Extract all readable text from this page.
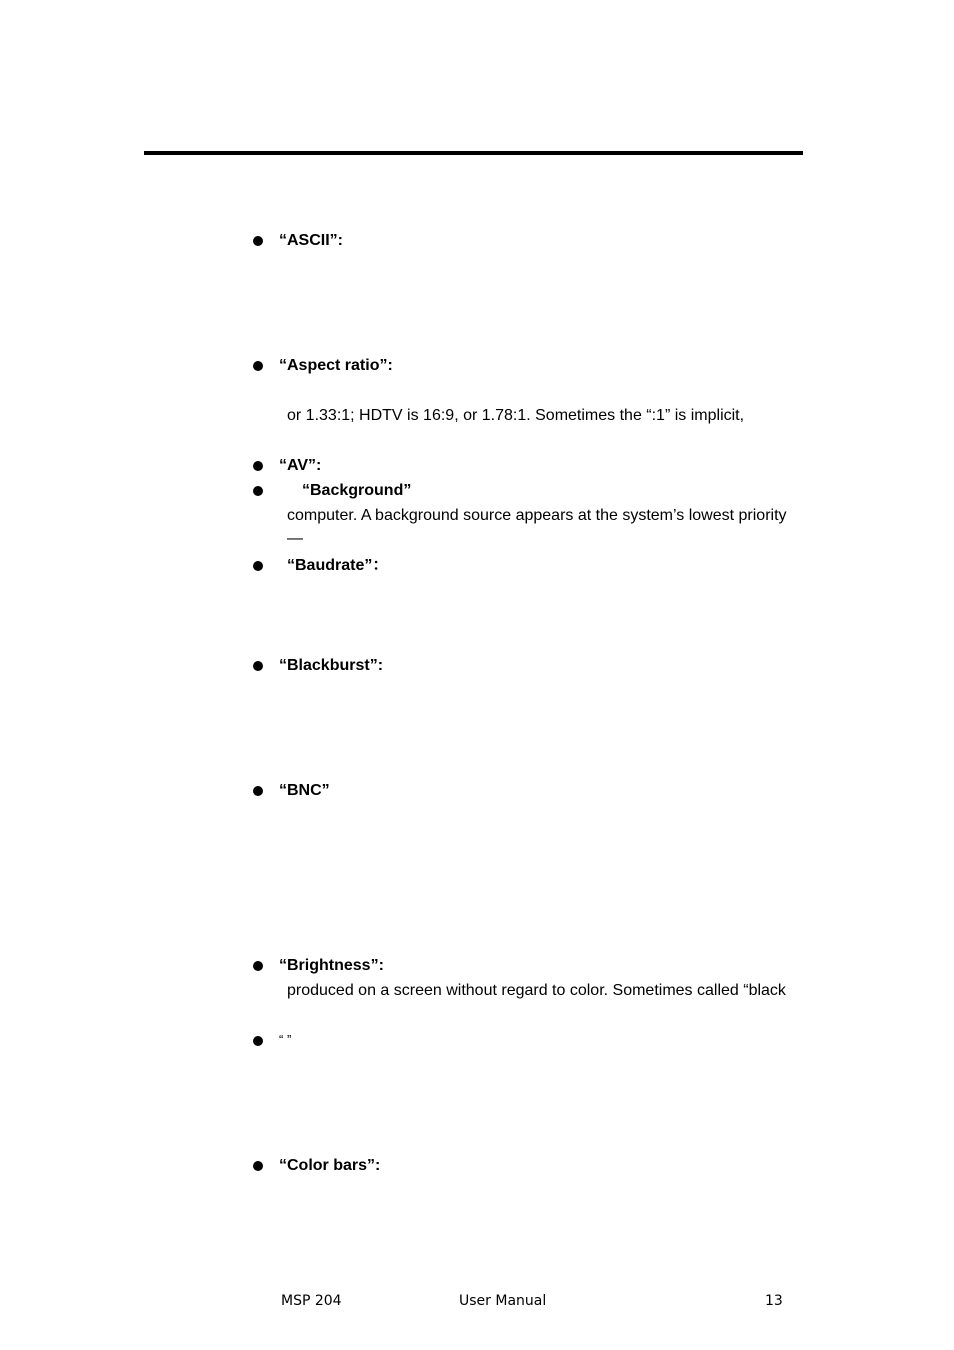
“ASCII”:
“Aspect ratio”:
or 1.33:1; HDTV is 16:9, or 1.78:1. Sometimes the “:1” is implicit,
“AV”:
“Background”
computer. A background source appears at the system’s lowest priority
—
“Baudrate”：
“Blackburst”:
“BNC”
“Brightness”:
produced on a screen without regard to color. Sometimes called “black
“ ”
“Color bars”:
MSP 204	User Manual	13
